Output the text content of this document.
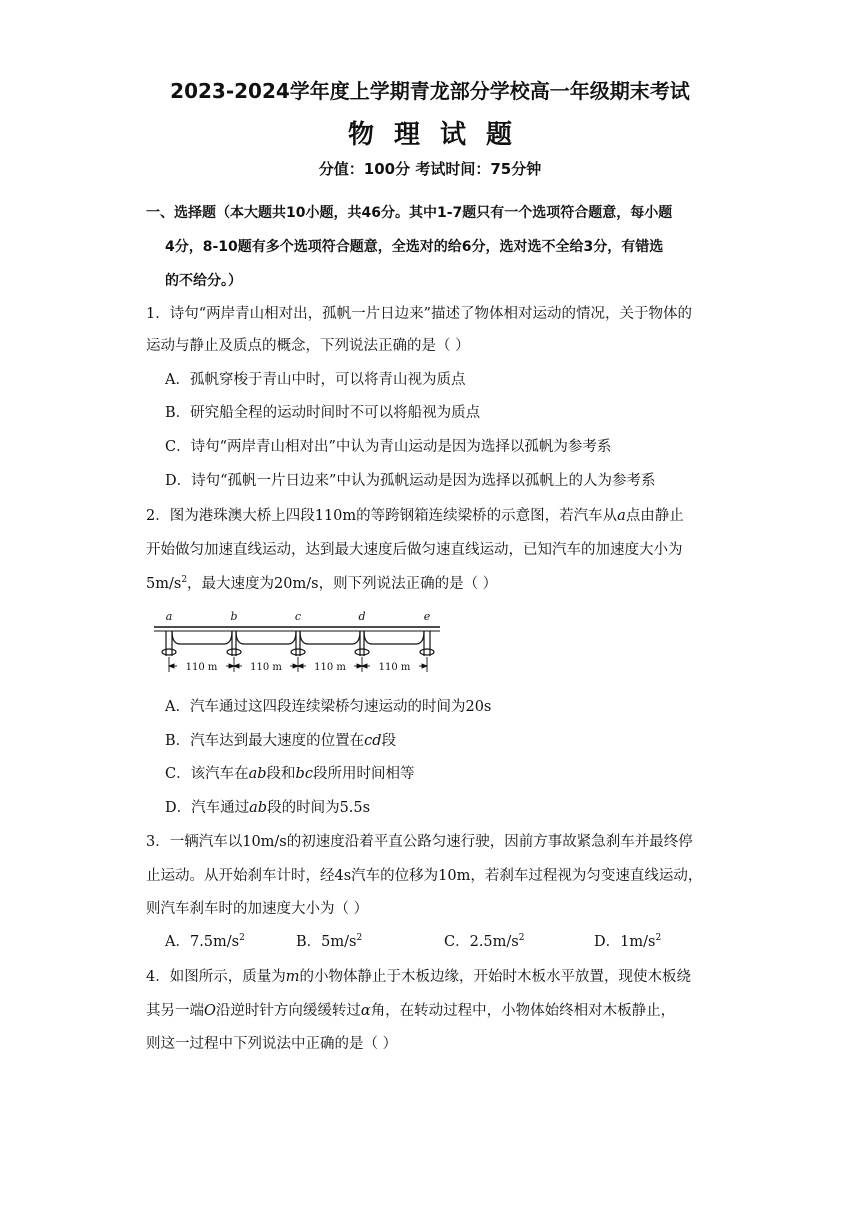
2023-2024学年度上学期青龙部分学校高一年级期末考试
物理试题
分值：100分 考试时间：75分钟
一、选择题（本大题共10小题，共46分。其中1-7题只有一个选项符合题意，每小题
4分，8-10题有多个选项符合题意，全选对的给6分，选对选不全给3分，有错选
的不给分。）
1．诗句“两岸青山相对出，孤帆一片日边来”描述了物体相对运动的情况，关于物体的
运动与静止及质点的概念，下列说法正确的是（ ）
A．孤帆穿梭于青山中时，可以将青山视为质点
B．研究船全程的运动时间时不可以将船视为质点
C．诗句“两岸青山相对出”中认为青山运动是因为选择以孤帆为参考系
D．诗句“孤帆一片日边来”中认为孤帆运动是因为选择以孤帆上的人为参考系
2．图为港珠澳大桥上四段110m的等跨钢箱连续梁桥的示意图，若汽车从a点由静止
开始做匀加速直线运动，达到最大速度后做匀速直线运动，已知汽车的加速度大小为
$5m/s^2$，最大速度为20m/s，则下列说法正确的是（ ）
a	b	c	d	e
110 m	110 m	110 m	110 m
A．汽车通过这四段连续梁桥匀速运动的时间为20s
B．汽车达到最大速度的位置在cd段
C．该汽车在ab段和bc段所用时间相等
D．汽车通过ab段的时间为5.5s
3．一辆汽车以10m/s的初速度沿着平直公路匀速行驶，因前方事故紧急刹车并最终停
止运动。从开始刹车计时，经4s汽车的位移为10m，若刹车过程视为匀变速直线运动，
则汽车刹车时的加速度大小为（ ）
A．$7.5m/s^2$	B．$5m/s^2$	C．$2.5m/s^2$	D．$1m/s^2$
4．如图所示，质量为m的小物体静止于木板边缘，开始时木板水平放置，现使木板绕
其另一端O沿逆时针方向缓缓转过α角，在转动过程中，小物体始终相对木板静止，
则这一过程中下列说法中正确的是（ ）
